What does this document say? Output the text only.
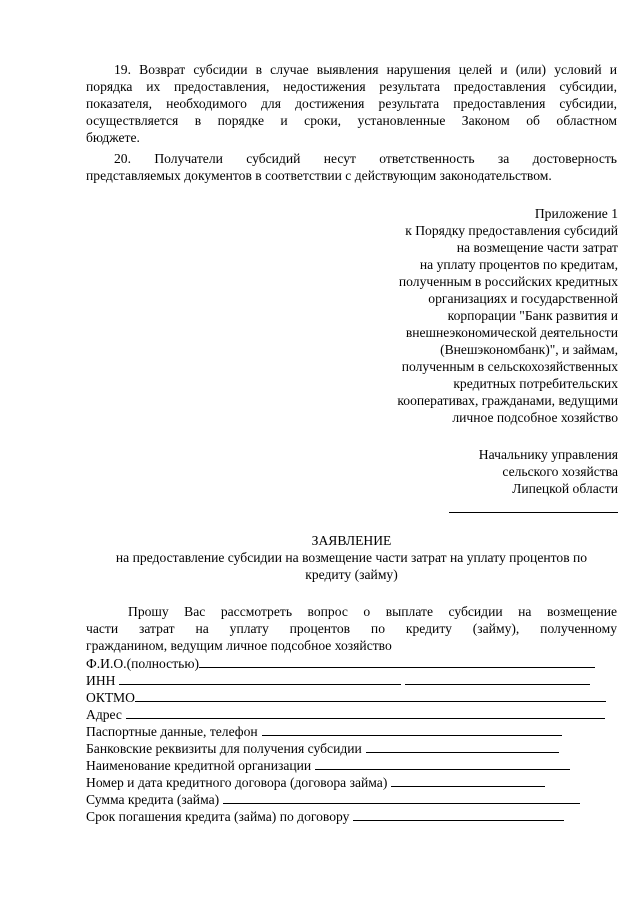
19. Возврат субсидии в случае выявления нарушения целей и (или) условий и
порядка их предоставления, недостижения результата предоставления субсидии,
показателя, необходимого для достижения результата предоставления субсидии,
осуществляется в порядке и сроки, установленные Законом об областном
бюджете.
20. Получатели субсидий несут ответственность за достоверность
представляемых документов в соответствии с действующим законодательством.
Приложение 1
к Порядку предоставления субсидий
на возмещение части затрат
на уплату процентов по кредитам,
полученным в российских кредитных
организациях и государственной
корпорации "Банк развития и
внешнеэкономической деятельности
(Внешэкономбанк)", и займам,
полученным в сельскохозяйственных
кредитных потребительских
кооперативах, гражданами, ведущими
личное подсобное хозяйство
Начальнику управления
сельского хозяйства
Липецкой области
ЗАЯВЛЕНИЕ
на предоставление субсидии на возмещение части затрат на уплату процентов по
кредиту (займу)
Прошу Вас рассмотреть вопрос о выплате субсидии на возмещение
части затрат на уплату процентов по кредиту (займу), полученному
гражданином, ведущим личное подсобное хозяйство
Ф.И.О.(полностью)
ИНН
ОКТМО
Адрес
Паспортные данные, телефон
Банковские реквизиты для получения субсидии
Наименование кредитной организации
Номер и дата кредитного договора (договора займа)
Сумма кредита (займа)
Срок погашения кредита (займа) по договору
